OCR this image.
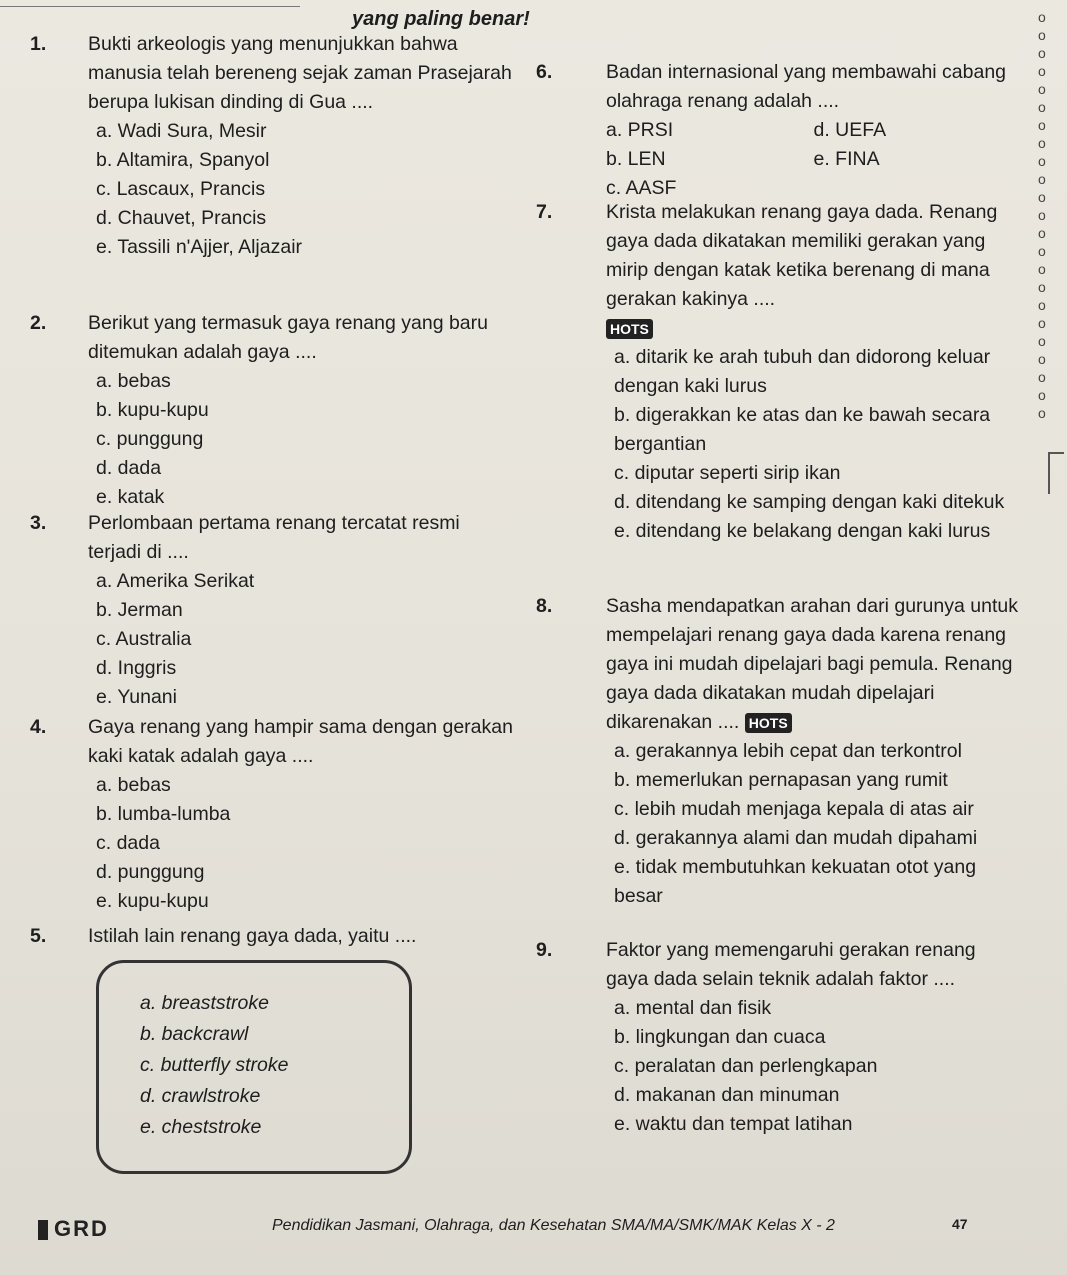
yang paling benar!	o
o
o
o
o
o
o
o
o
o
o
o
o
o
o
o
o
o
o
o
o
o
o
1. Bukti arkeologis yang menunjukkan bahwa manusia telah bereneng sejak zaman Prasejarah berupa lukisan dinding di Gua ....
a. Wadi Sura, Mesir
b. Altamira, Spanyol
c. Lascaux, Prancis
d. Chauvet, Prancis
e. Tassili n'Ajjer, Aljazair
2. Berikut yang termasuk gaya renang yang baru ditemukan adalah gaya ....
a. bebas
b. kupu-kupu
c. punggung
d. dada
e. katak
3. Perlombaan pertama renang tercatat resmi terjadi di ....
a. Amerika Serikat
b. Jerman
c. Australia
d. Inggris
e. Yunani
4. Gaya renang yang hampir sama dengan gerakan kaki katak adalah gaya ....
a. bebas
b. lumba-lumba
c. dada
d. punggung
e. kupu-kupu
5. Istilah lain renang gaya dada, yaitu ....
a. breaststroke
b. backcrawl
c. butterfly stroke
d. crawlstroke
e. cheststroke
6.	Badan internasional yang membawahi cabang olahraga renang adalah ....
a. PRSI	d. UEFA
b. LEN	e. FINA
c. AASF
7.	Krista melakukan renang gaya dada. Renang gaya dada dikatakan memiliki gerakan yang mirip dengan katak ketika berenang di mana gerakan kakinya ....
HOTS
a. ditarik ke arah tubuh dan didorong keluar dengan kaki lurus
b. digerakkan ke atas dan ke bawah secara bergantian
c. diputar seperti sirip ikan
d. ditendang ke samping dengan kaki ditekuk
e. ditendang ke belakang dengan kaki lurus
8.	Sasha mendapatkan arahan dari gurunya untuk mempelajari renang gaya dada karena renang gaya ini mudah dipelajari bagi pemula. Renang gaya dada dikatakan mudah dipelajari dikarenakan .... HOTS
a. gerakannya lebih cepat dan terkontrol
b. memerlukan pernapasan yang rumit
c. lebih mudah menjaga kepala di atas air
d. gerakannya alami dan mudah dipahami
e. tidak membutuhkan kekuatan otot yang besar
9.	Faktor yang memengaruhi gerakan renang gaya dada selain teknik adalah faktor ....
a. mental dan fisik
b. lingkungan dan cuaca
c. peralatan dan perlengkapan
d. makanan dan minuman
e. waktu dan tempat latihan
GRD	Pendidikan Jasmani, Olahraga, dan Kesehatan SMA/MA/SMK/MAK Kelas X - 2	47
